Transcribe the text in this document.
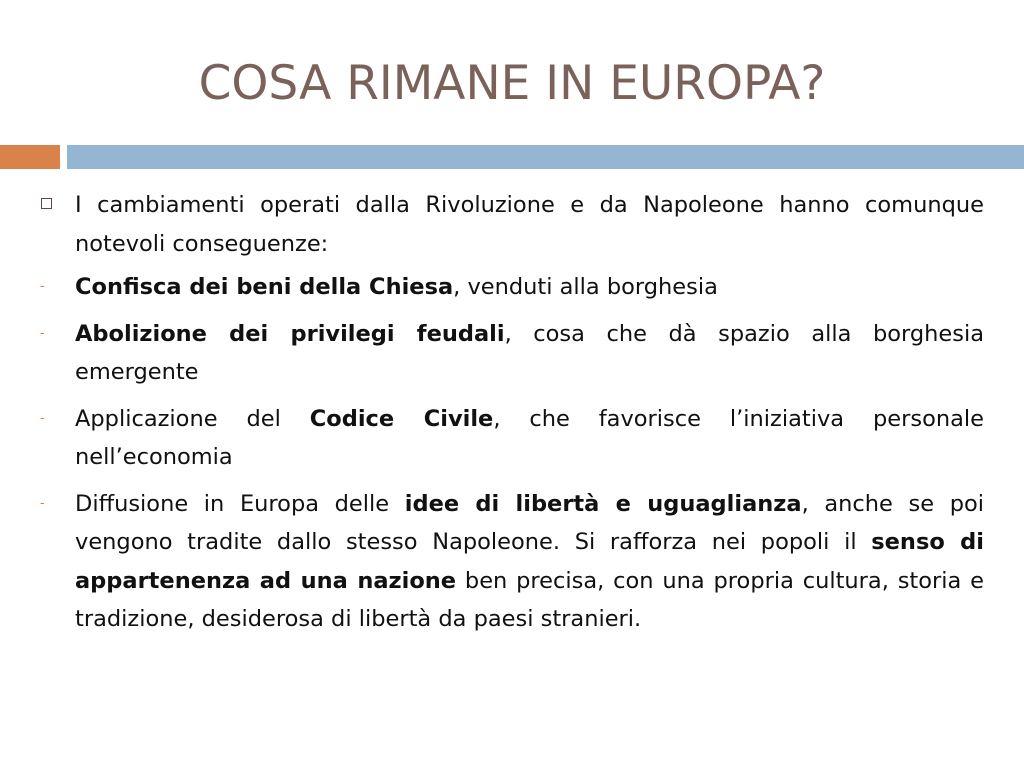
COSA RIMANE IN EUROPA?
I cambiamenti operati dalla Rivoluzione e da Napoleone hanno comunque notevoli conseguenze:
- Confisca dei beni della Chiesa, venduti alla borghesia
- Abolizione dei privilegi feudali, cosa che dà spazio alla borghesia emergente
- Applicazione del Codice Civile, che favorisce l’iniziativa personale nell’economia
- Diffusione in Europa delle idee di libertà e uguaglianza, anche se poi vengono tradite dallo stesso Napoleone. Si rafforza nei popoli il senso di appartenenza ad una nazione ben precisa, con una propria cultura, storia e tradizione, desiderosa di libertà da paesi stranieri.
